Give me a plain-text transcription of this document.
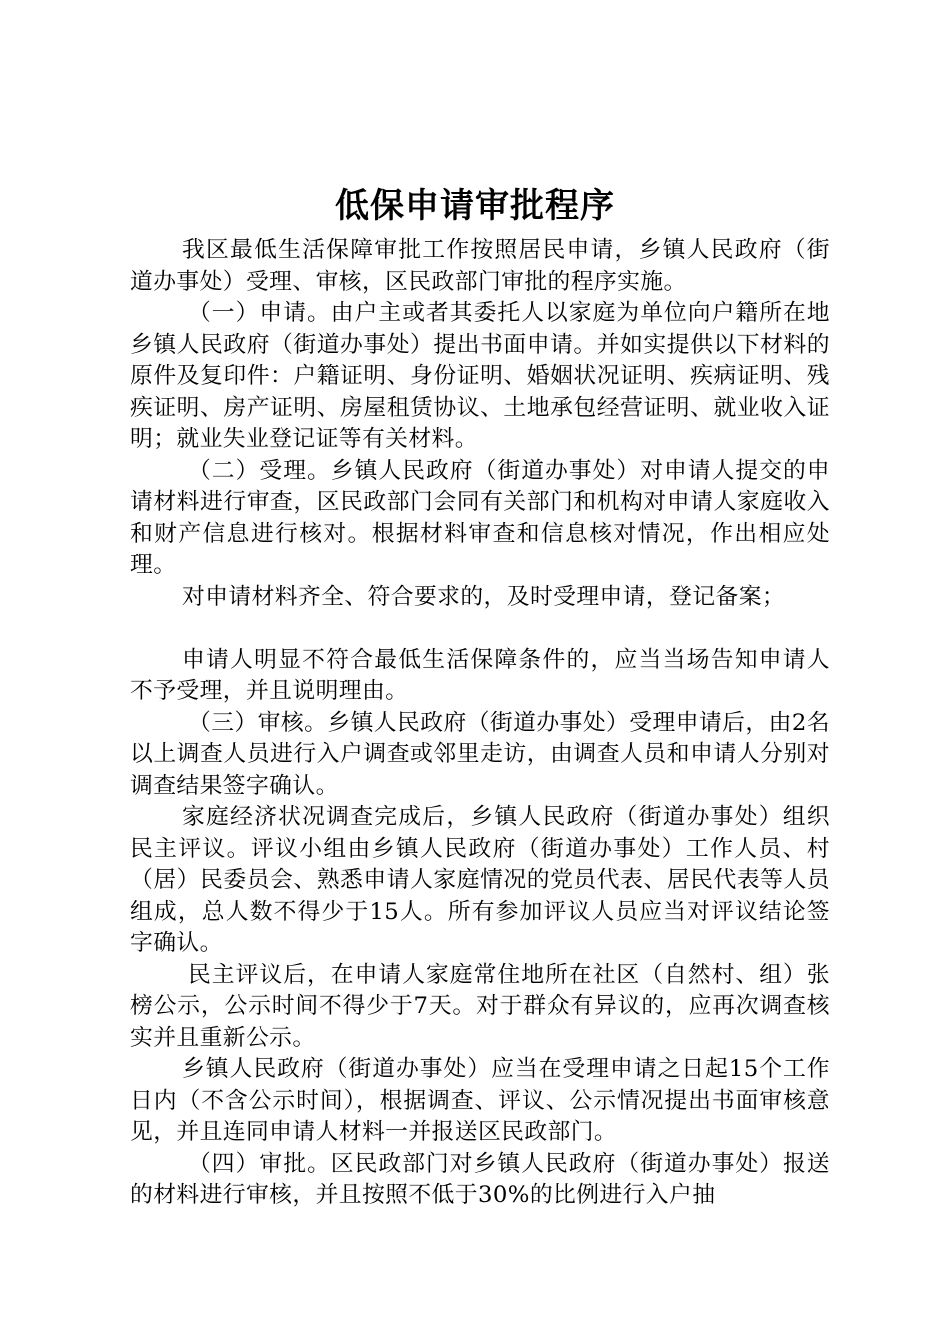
低保申请审批程序

我区最低生活保障审批工作按照居民申请，乡镇人民政府（街道办事处）受理、审核，区民政部门审批的程序实施。

（一）申请。由户主或者其委托人以家庭为单位向户籍所在地乡镇人民政府（街道办事处）提出书面申请。并如实提供以下材料的原件及复印件：户籍证明、身份证明、婚姻状况证明、疾病证明、残疾证明、房产证明、房屋租赁协议、土地承包经营证明、就业收入证明；就业失业登记证等有关材料。

（二）受理。乡镇人民政府（街道办事处）对申请人提交的申请材料进行审查，区民政部门会同有关部门和机构对申请人家庭收入和财产信息进行核对。根据材料审查和信息核对情况，作出相应处理。

对申请材料齐全、符合要求的，及时受理申请，登记备案；

申请人明显不符合最低生活保障条件的，应当当场告知申请人不予受理，并且说明理由。

（三）审核。乡镇人民政府（街道办事处）受理申请后，由2名以上调查人员进行入户调查或邻里走访，由调查人员和申请人分别对调查结果签字确认。

家庭经济状况调查完成后，乡镇人民政府（街道办事处）组织民主评议。评议小组由乡镇人民政府（街道办事处）工作人员、村（居）民委员会、熟悉申请人家庭情况的党员代表、居民代表等人员组成，总人数不得少于15人。所有参加评议人员应当对评议结论签字确认。

民主评议后，在申请人家庭常住地所在社区（自然村、组）张榜公示，公示时间不得少于7天。对于群众有异议的，应再次调查核实并且重新公示。

乡镇人民政府（街道办事处）应当在受理申请之日起15个工作日内（不含公示时间），根据调查、评议、公示情况提出书面审核意见，并且连同申请人材料一并报送区民政部门。

（四）审批。区民政部门对乡镇人民政府（街道办事处）报送的材料进行审核，并且按照不低于30%的比例进行入户抽
